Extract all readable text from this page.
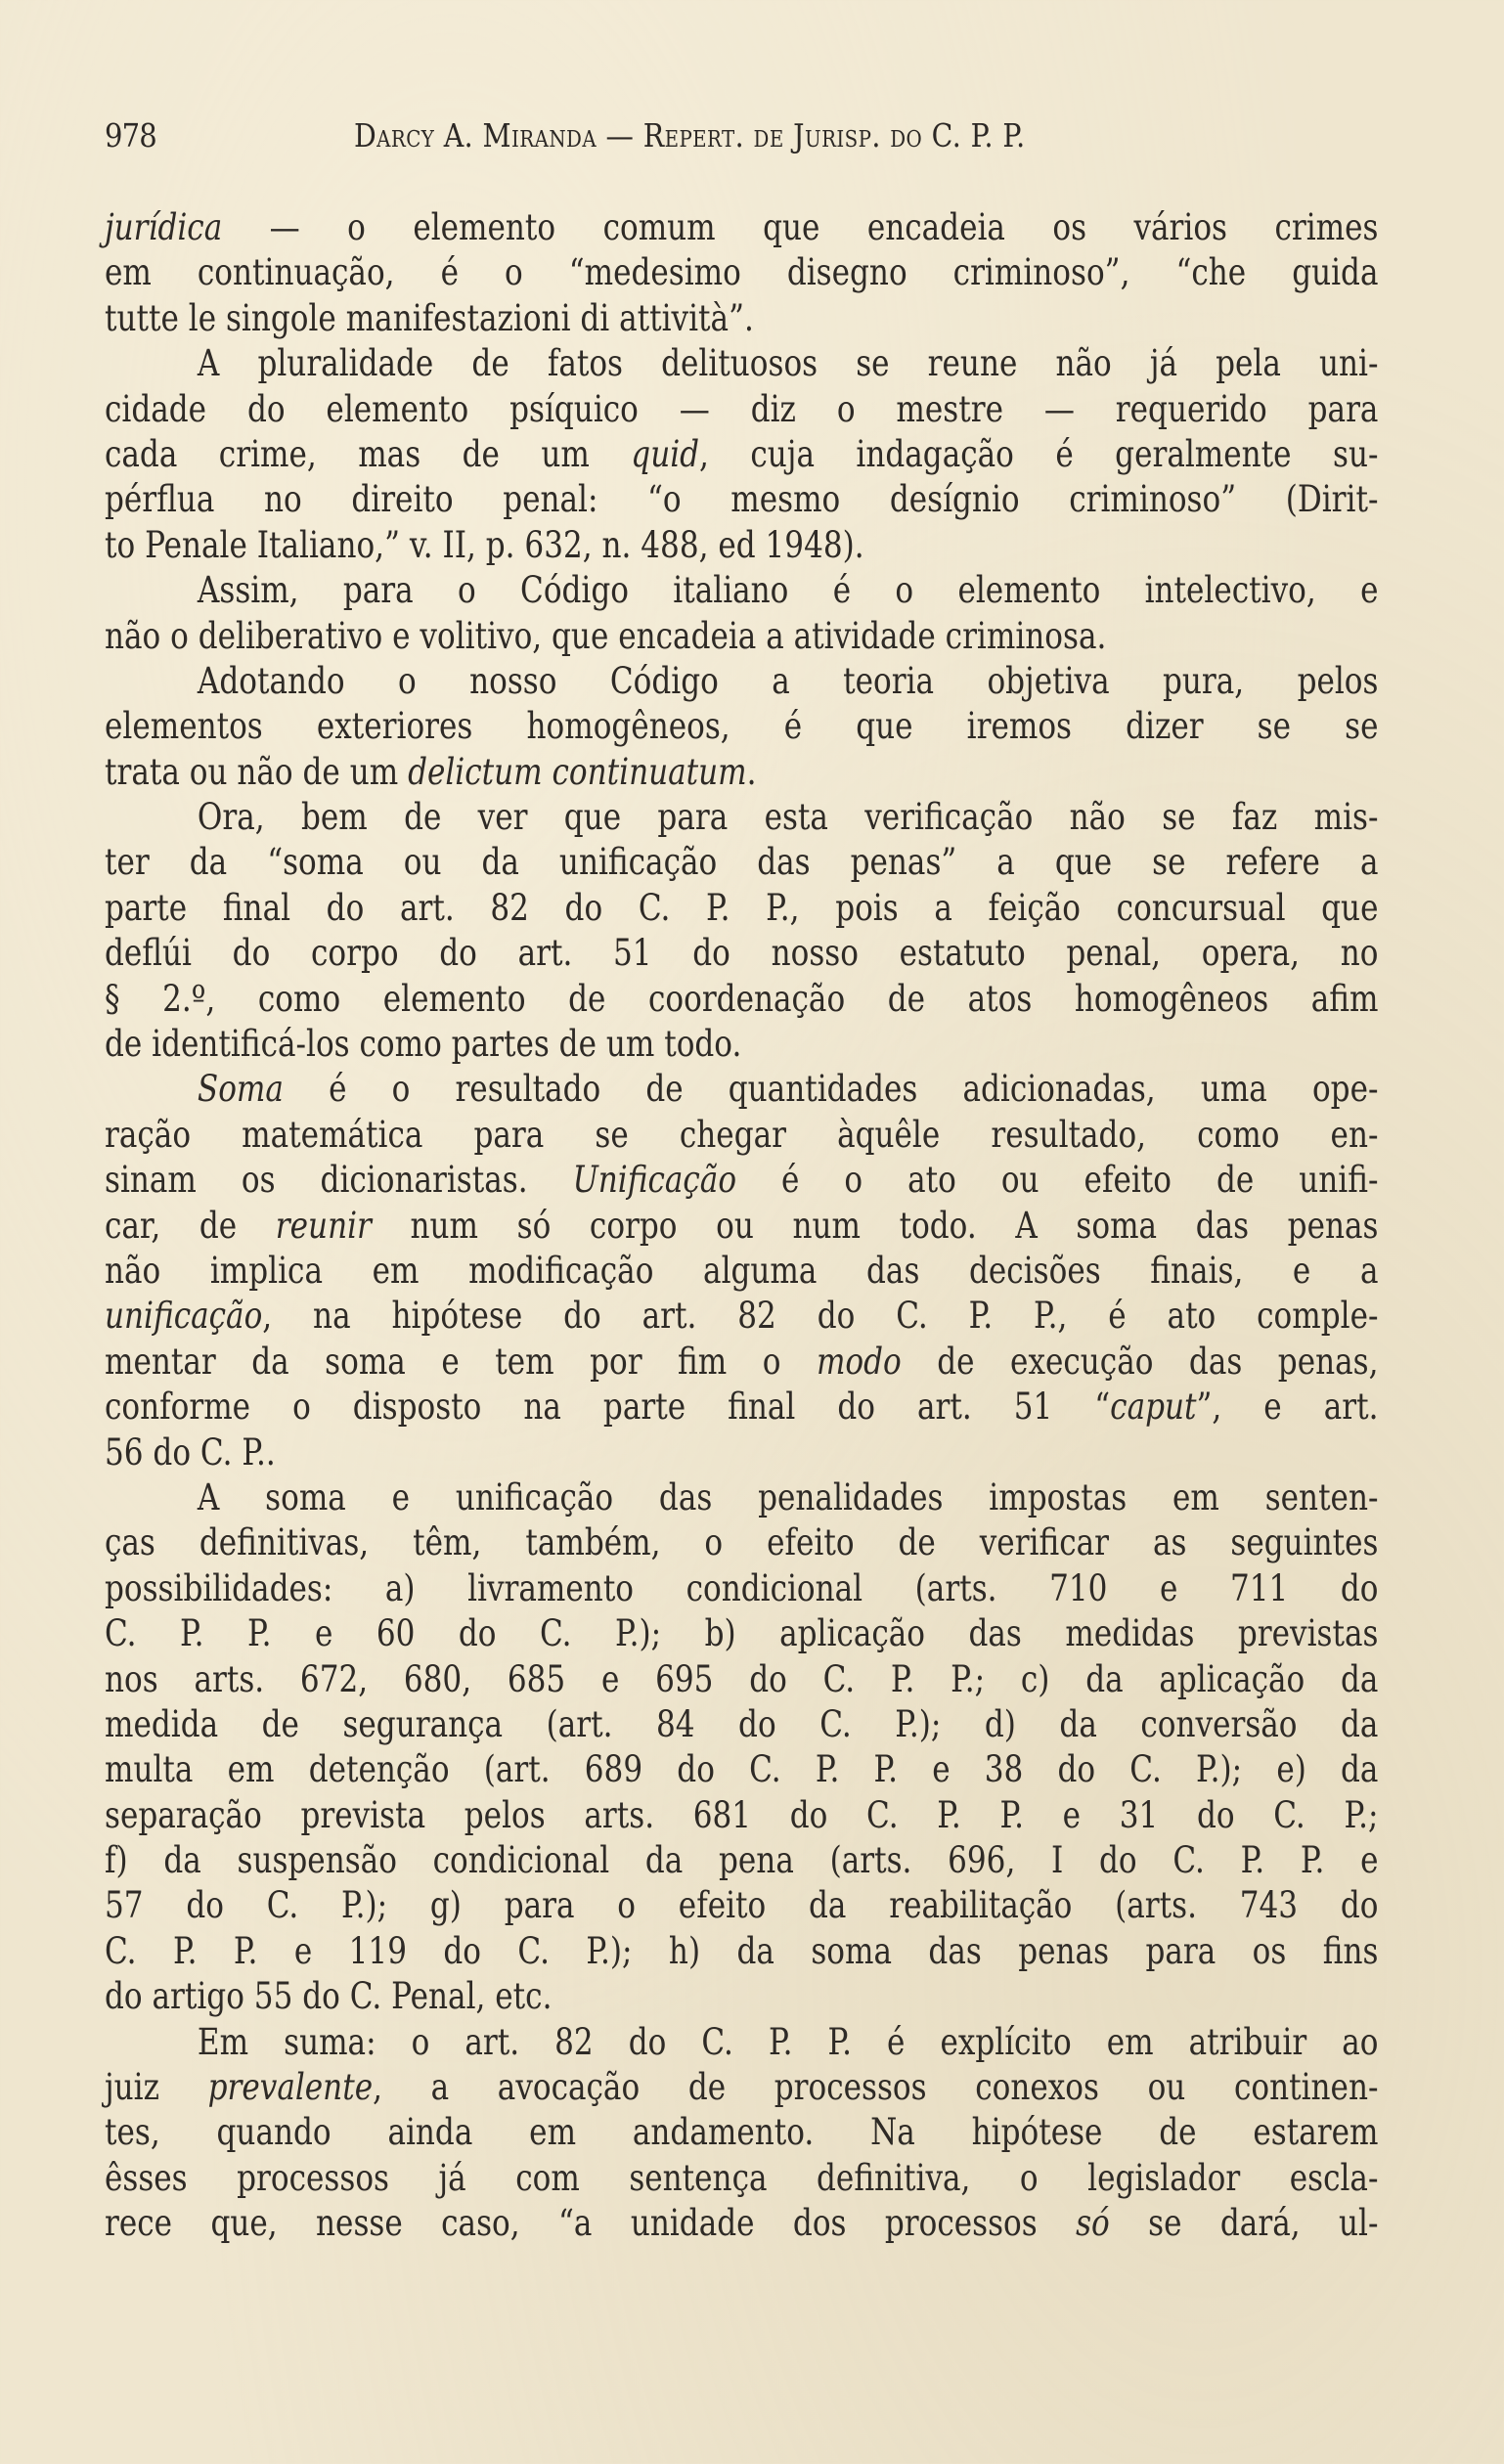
978	Darcy A. Miranda — Repert. de Jurisp. do C. P. P.
jurídica — o elemento comum que encadeia os vários crimes
em continuação, é o “medesimo disegno criminoso”, “che guida
tutte le singole manifestazioni di attività”.
A pluralidade de fatos delituosos se reune não já pela uni-
cidade do elemento psíquico — diz o mestre — requerido para
cada crime, mas de um quid, cuja indagação é geralmente su-
pérflua no direito penal: “o mesmo desígnio criminoso” (Dirit-
to Penale Italiano,” v. II, p. 632, n. 488, ed 1948).
Assim, para o Código italiano é o elemento intelectivo, e
não o deliberativo e volitivo, que encadeia a atividade criminosa.
Adotando o nosso Código a teoria objetiva pura, pelos
elementos exteriores homogêneos, é que iremos dizer se se
trata ou não de um delictum continuatum.
Ora, bem de ver que para esta verificação não se faz mis-
ter da “soma ou da unificação das penas” a que se refere a
parte final do art. 82 do C. P. P., pois a feição concursual que
deflúi do corpo do art. 51 do nosso estatuto penal, opera, no
§ 2.º, como elemento de coordenação de atos homogêneos afim
de identificá-los como partes de um todo.
Soma é o resultado de quantidades adicionadas, uma ope-
ração matemática para se chegar àquêle resultado, como en-
sinam os dicionaristas. Unificação é o ato ou efeito de unifi-
car, de reunir num só corpo ou num todo. A soma das penas
não implica em modificação alguma das decisões finais, e a
unificação, na hipótese do art. 82 do C. P. P., é ato comple-
mentar da soma e tem por fim o modo de execução das penas,
conforme o disposto na parte final do art. 51 “caput”, e art.
56 do C. P..
A soma e unificação das penalidades impostas em senten-
ças definitivas, têm, também, o efeito de verificar as seguintes
possibilidades: a) livramento condicional (arts. 710 e 711 do
C. P. P. e 60 do C. P.); b) aplicação das medidas previstas
nos arts. 672, 680, 685 e 695 do C. P. P.; c) da aplicação da
medida de segurança (art. 84 do C. P.); d) da conversão da
multa em detenção (art. 689 do C. P. P. e 38 do C. P.); e) da
separação prevista pelos arts. 681 do C. P. P. e 31 do C. P.;
f) da suspensão condicional da pena (arts. 696, I do C. P. P. e
57 do C. P.); g) para o efeito da reabilitação (arts. 743 do
C. P. P. e 119 do C. P.); h) da soma das penas para os fins
do artigo 55 do C. Penal, etc.
Em suma: o art. 82 do C. P. P. é explícito em atribuir ao
juiz prevalente, a avocação de processos conexos ou continen-
tes, quando ainda em andamento. Na hipótese de estarem
êsses processos já com sentença definitiva, o legislador escla-
rece que, nesse caso, “a unidade dos processos só se dará, ul-
